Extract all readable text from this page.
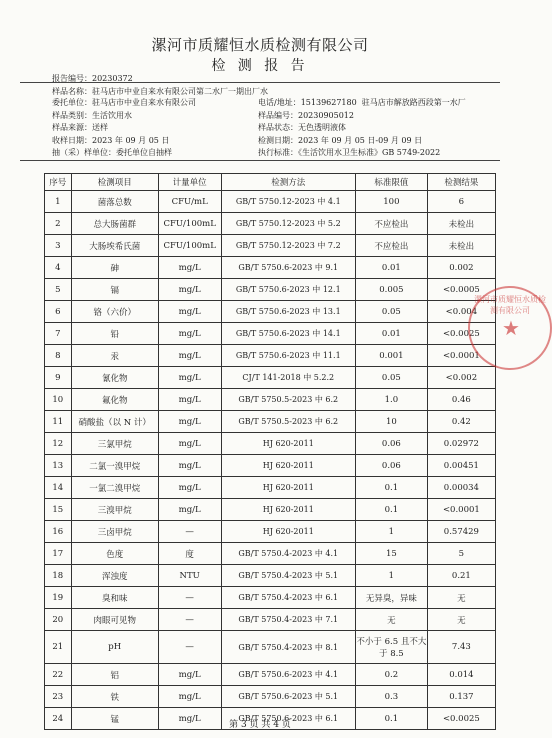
漯河市质耀恒水质检测有限公司
检 测 报 告
报告编号：20230372
样品名称：驻马店市中业自来水有限公司第二水厂一期出厂水
委托单位：驻马店市中业自来水有限公司	电话/地址：15139627180 驻马店市解放路西段第一水厂
样品类别：生活饮用水	样品编号：20230905012
样品来源：送样	样品状态：无色透明液体
收样日期：2023 年 09 月 05 日	检测日期：2023 年 09 月 05 日-09 月 09 日
抽（采）样单位：委托单位自抽样	执行标准：《生活饮用水卫生标准》GB 5749-2022
序号	检测项目	计量单位	检测方法	标准限值	检测结果
1	菌落总数	CFU/mL	GB/T 5750.12-2023 中 4.1	100	6
2	总大肠菌群	CFU/100mL	GB/T 5750.12-2023 中 5.2	不应检出	未检出
3	大肠埃希氏菌	CFU/100mL	GB/T 5750.12-2023 中 7.2	不应检出	未检出
4	砷	mg/L	GB/T 5750.6-2023 中 9.1	0.01	0.002
5	镉	mg/L	GB/T 5750.6-2023 中 12.1	0.005	<0.0005
6	铬（六价）	mg/L	GB/T 5750.6-2023 中 13.1	0.05	<0.004
7	铅	mg/L	GB/T 5750.6-2023 中 14.1	0.01	<0.0025
8	汞	mg/L	GB/T 5750.6-2023 中 11.1	0.001	<0.0001
9	氰化物	mg/L	CJ/T 141-2018 中 5.2.2	0.05	<0.002
10	氟化物	mg/L	GB/T 5750.5-2023 中 6.2	1.0	0.46
11	硝酸盐（以 N 计）	mg/L	GB/T 5750.5-2023 中 6.2	10	0.42
12	三氯甲烷	mg/L	HJ 620-2011	0.06	0.02972
13	二氯一溴甲烷	mg/L	HJ 620-2011	0.06	0.00451
14	一氯二溴甲烷	mg/L	HJ 620-2011	0.1	0.00034
15	三溴甲烷	mg/L	HJ 620-2011	0.1	<0.0001
16	三卤甲烷	—	HJ 620-2011	1	0.57429
17	色度	度	GB/T 5750.4-2023 中 4.1	15	5
18	浑浊度	NTU	GB/T 5750.4-2023 中 5.1	1	0.21
19	臭和味	—	GB/T 5750.4-2023 中 6.1	无异臭，异味	无
20	肉眼可见物	—	GB/T 5750.4-2023 中 7.1	无	无
21	pH	—	GB/T 5750.4-2023 中 8.1	不小于 6.5 且不大于 8.5	7.43
22	铝	mg/L	GB/T 5750.6-2023 中 4.1	0.2	0.014
23	铁	mg/L	GB/T 5750.6-2023 中 5.1	0.3	0.137
24	锰	mg/L	GB/T 5750.6-2023 中 6.1	0.1	<0.0025
漯河市质耀恒水质检测有限公司
★
第 3 页 共 4 页
